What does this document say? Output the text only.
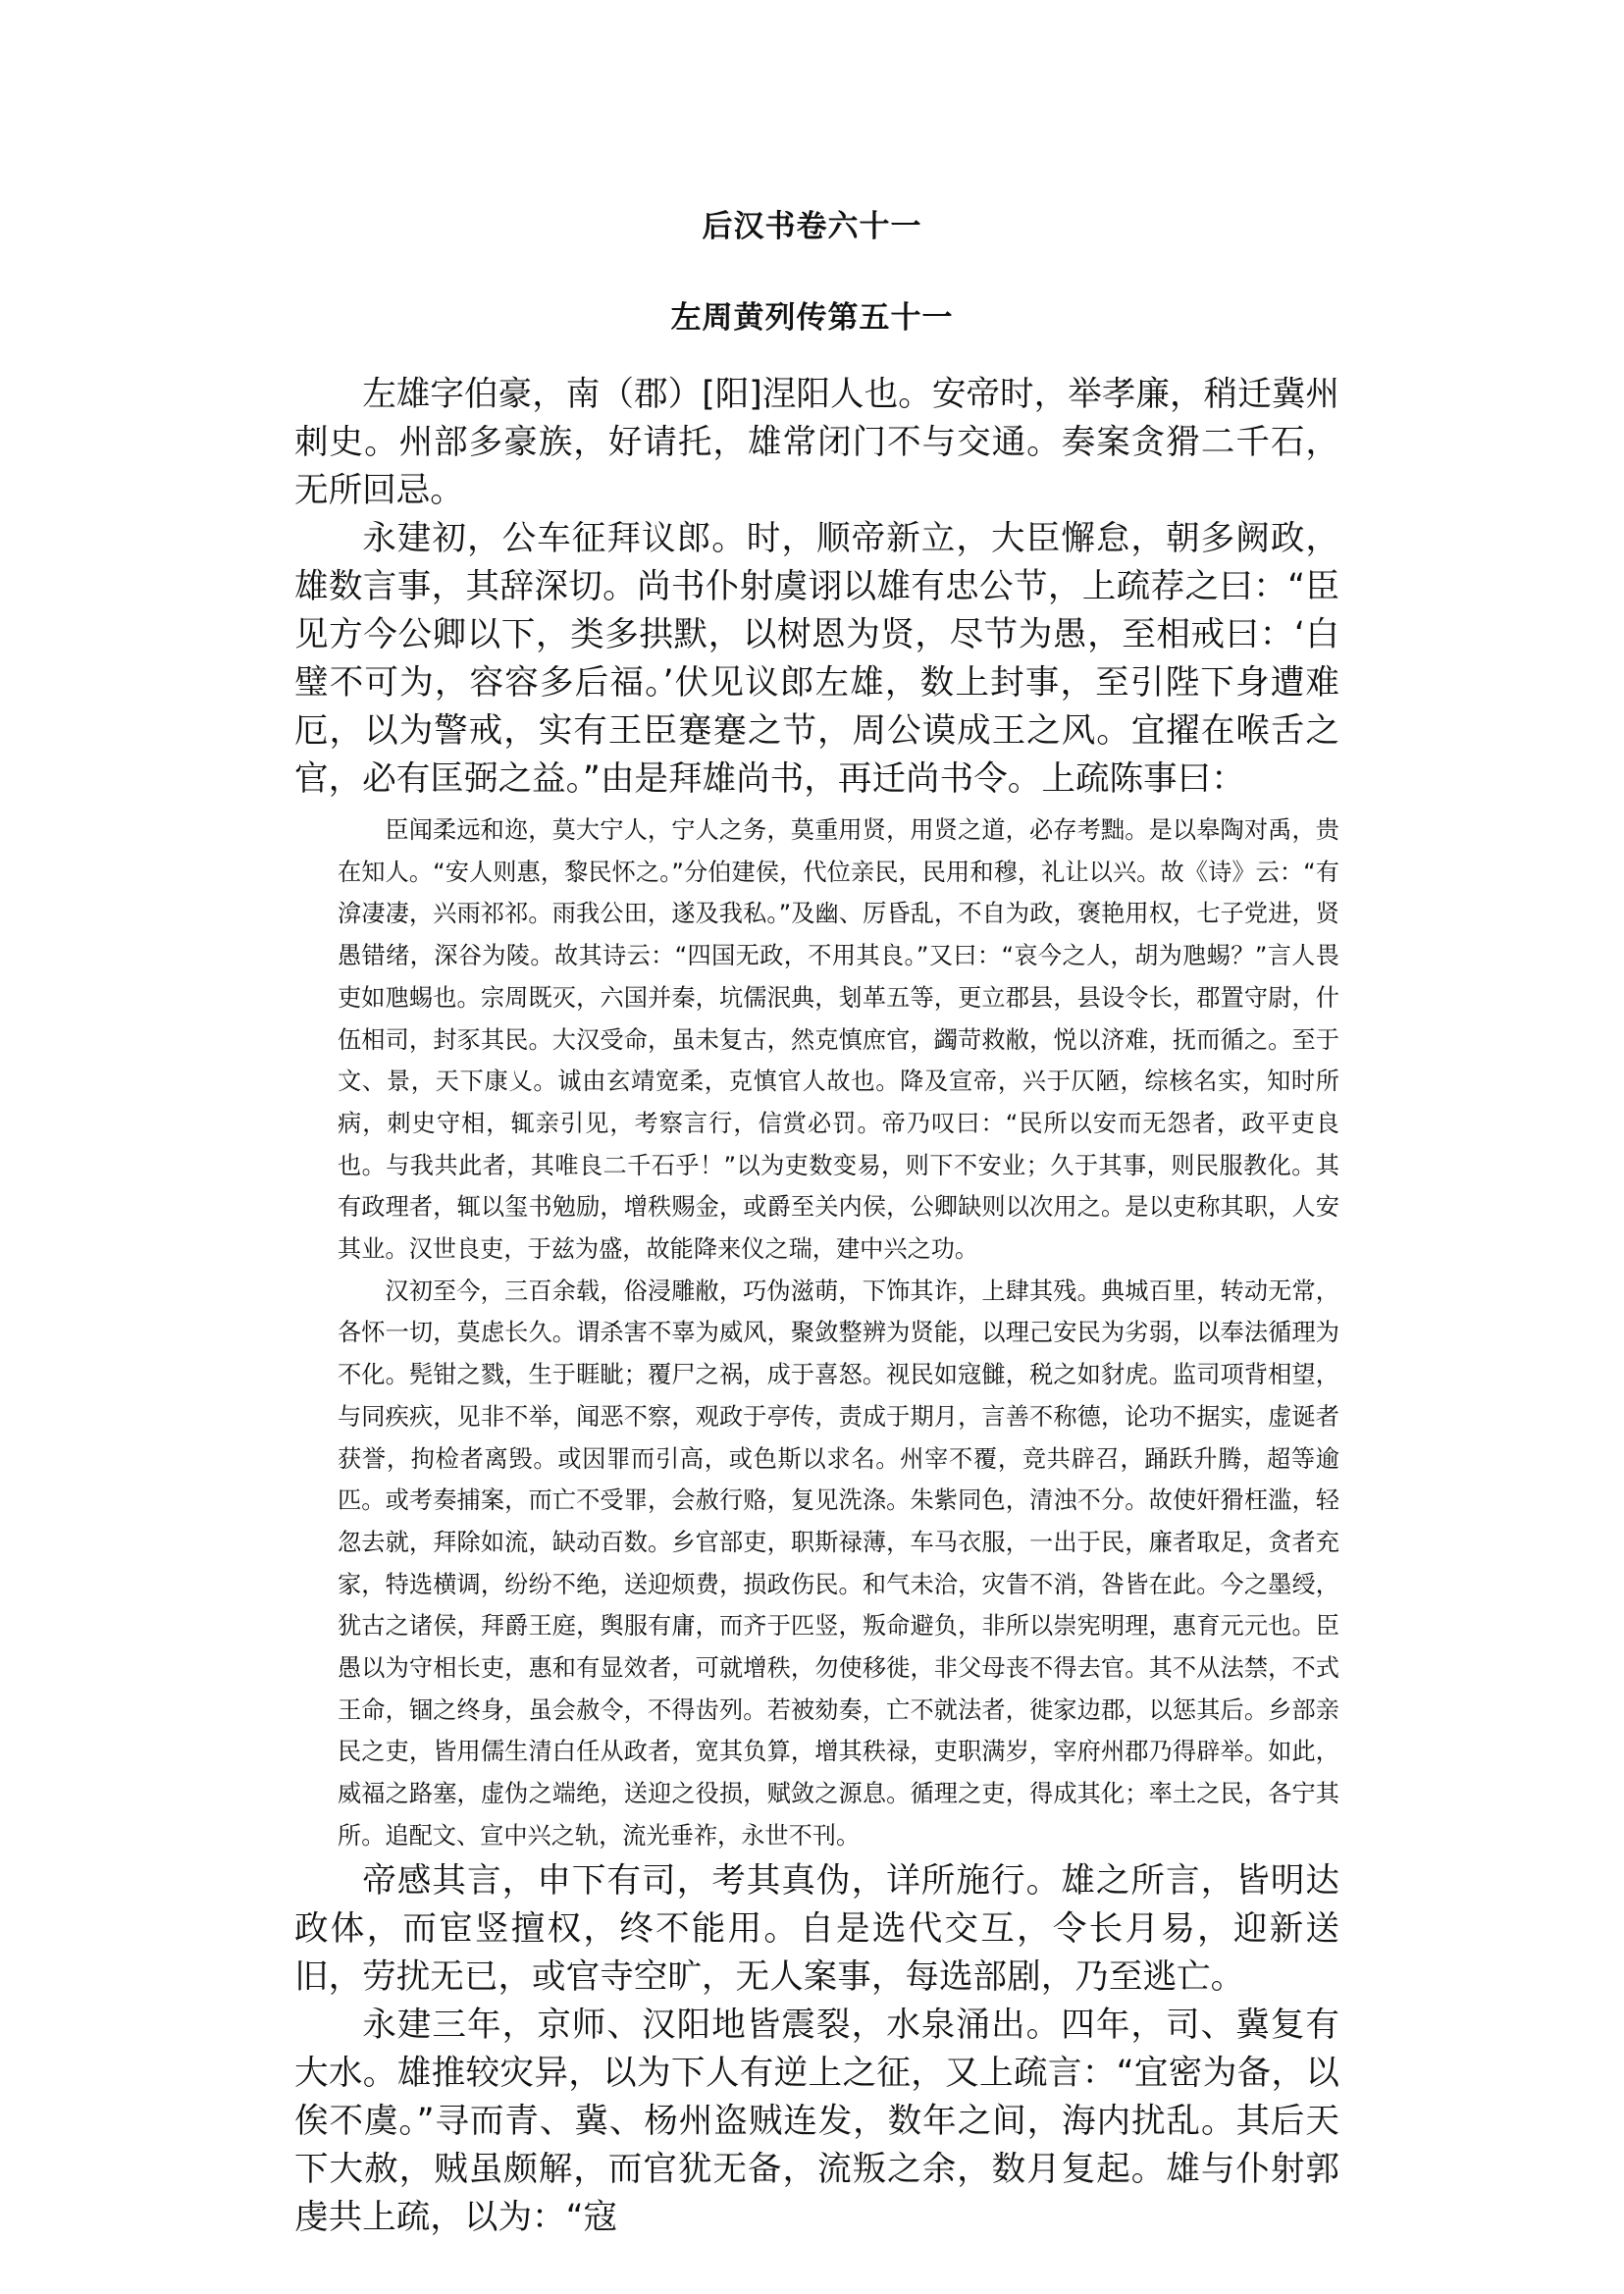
后汉书卷六十一
左周黄列传第五十一

左雄字伯豪，南（郡）[阳]涅阳人也。安帝时，举孝廉，稍迁冀州刺史。州部多豪族，好请托，雄常闭门不与交通。奏案贪猾二千石，无所回忌。

永建初，公车征拜议郎。时，顺帝新立，大臣懈怠，朝多阙政，雄数言事，其辞深切。尚书仆射虞诩以雄有忠公节，上疏荐之曰：“臣见方今公卿以下，类多拱默，以树恩为贤，尽节为愚，至相戒曰：‘白璧不可为，容容多后福。’伏见议郎左雄，数上封事，至引陛下身遭难厄，以为警戒，实有王臣蹇蹇之节，周公谟成王之风。宜擢在喉舌之官，必有匡弼之益。”由是拜雄尚书，再迁尚书令。上疏陈事曰：

臣闻柔远和迩，莫大宁人，宁人之务，莫重用贤，用贤之道，必存考黜。是以皋陶对禹，贵在知人。“安人则惠，黎民怀之。”分伯建侯，代位亲民，民用和穆，礼让以兴。故《诗》云：“有渰凄凄，兴雨祁祁。雨我公田，遂及我私。”及幽、厉昏乱，不自为政，褒艳用权，七子党进，贤愚错绪，深谷为陵。故其诗云：“四国无政，不用其良。”又曰：“哀今之人，胡为虺蜴？”言人畏吏如虺蜴也。宗周既灭，六国并秦，坑儒泯典，刬革五等，更立郡县，县设令长，郡置守尉，什伍相司，封豕其民。大汉受命，虽未复古，然克慎庶官，蠲苛救敝，悦以济难，抚而循之。至于文、景，天下康乂。诚由玄靖宽柔，克慎官人故也。降及宣帝，兴于仄陋，综核名实，知时所病，刺史守相，辄亲引见，考察言行，信赏必罚。帝乃叹曰：“民所以安而无怨者，政平吏良也。与我共此者，其唯良二千石乎！”以为吏数变易，则下不安业；久于其事，则民服教化。其有政理者，辄以玺书勉励，增秩赐金，或爵至关内侯，公卿缺则以次用之。是以吏称其职，人安其业。汉世良吏，于兹为盛，故能降来仪之瑞，建中兴之功。

汉初至今，三百余载，俗浸雕敝，巧伪滋萌，下饰其诈，上肆其残。典城百里，转动无常，各怀一切，莫虑长久。谓杀害不辜为威风，聚敛整辨为贤能，以理己安民为劣弱，以奉法循理为不化。髡钳之戮，生于睚眦；覆尸之祸，成于喜怒。视民如寇雠，税之如豺虎。监司项背相望，与同疾疢，见非不举，闻恶不察，观政于亭传，责成于期月，言善不称德，论功不据实，虚诞者获誉，拘检者离毁。或因罪而引高，或色斯以求名。州宰不覆，竞共辟召，踊跃升腾，超等逾匹。或考奏捕案，而亡不受罪，会赦行赂，复见洗涤。朱紫同色，清浊不分。故使奸猾枉滥，轻忽去就，拜除如流，缺动百数。乡官部吏，职斯禄薄，车马衣服，一出于民，廉者取足，贪者充家，特选横调，纷纷不绝，送迎烦费，损政伤民。和气未洽，灾眚不消，咎皆在此。今之墨绶，犹古之诸侯，拜爵王庭，舆服有庸，而齐于匹竖，叛命避负，非所以崇宪明理，惠育元元也。臣愚以为守相长吏，惠和有显效者，可就增秩，勿使移徙，非父母丧不得去官。其不从法禁，不式王命，锢之终身，虽会赦令，不得齿列。若被劾奏，亡不就法者，徙家边郡，以惩其后。乡部亲民之吏，皆用儒生清白任从政者，宽其负算，增其秩禄，吏职满岁，宰府州郡乃得辟举。如此，威福之路塞，虚伪之端绝，送迎之役损，赋敛之源息。循理之吏，得成其化；率土之民，各宁其所。追配文、宣中兴之轨，流光垂祚，永世不刊。

帝感其言，申下有司，考其真伪，详所施行。雄之所言，皆明达政体，而宦竖擅权，终不能用。自是选代交互，令长月易，迎新送旧，劳扰无已，或官寺空旷，无人案事，每选部剧，乃至逃亡。

永建三年，京师、汉阳地皆震裂，水泉涌出。四年，司、冀复有大水。雄推较灾异，以为下人有逆上之征，又上疏言：“宜密为备，以俟不虞。”寻而青、冀、杨州盗贼连发，数年之间，海内扰乱。其后天下大赦，贼虽颇解，而官犹无备，流叛之余，数月复起。雄与仆射郭虔共上疏，以为：“寇
